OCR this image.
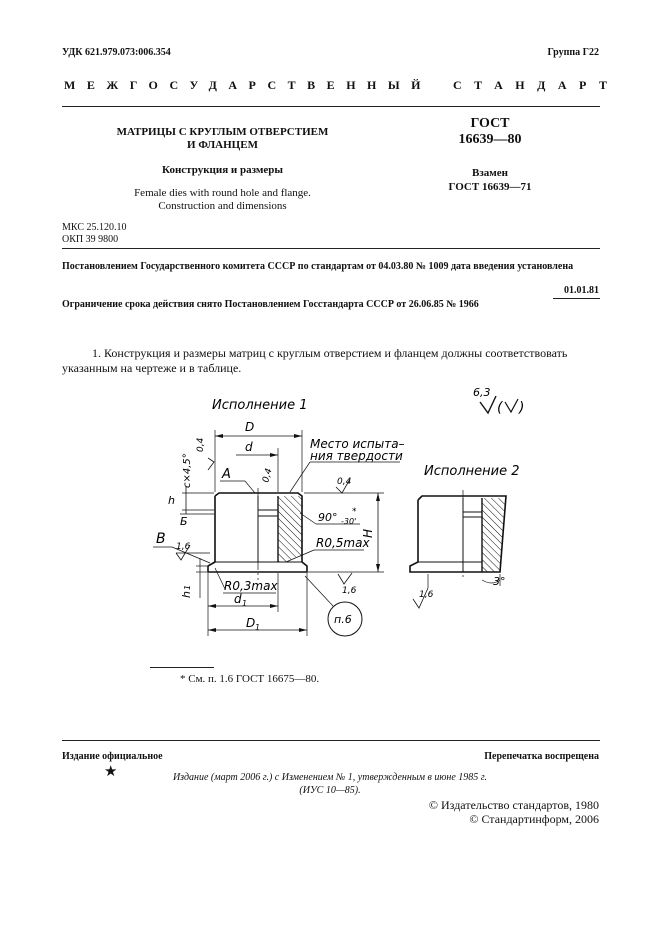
УДК 621.979.073:006.354	Группа Г22
МЕЖГОСУДАРСТВЕННЫЙ СТАНДАРТ
МАТРИЦЫ С КРУГЛЫМ ОТВЕРСТИЕМ
И ФЛАНЦЕМ
Конструкция и размеры
Female dies with round hole and flange.
Construction and dimensions
ГОСТ
16639—80
Взамен
ГОСТ 16639—71
МКС 25.120.10
ОКП 39 9800
Постановлением Государственного комитета СССР по стандартам от 04.03.80 № 1009 дата введения установлена
01.01.81
Ограничение срока действия снято Постановлением Госстандарта СССР от 26.06.85 № 1966
1. Конструкция и размеры матриц с круглым отверстием и фланцем должны соответствовать
указанным на чертеже и в таблице.
Исполнение 1
Исполнение 2
6,3
( )
D
d	Место испыта–
ния твердости
0,4
0,4
c×4,5° A
h
Б
B 1,6
h
1	R0,3max
d 1
D 1
H
0,4
90° -30'
*
R0,5max
1,6
п.6
3°
1,6
* См. п. 1.6 ГОСТ 16675—80.
Издание официальное	Перепечатка воспрещена
★	Издание (март 2006 г.) с Изменением № 1, утвержденным в июне 1985 г.
(ИУС 10—85).
© Издательство стандартов, 1980
© Стандартинформ, 2006
